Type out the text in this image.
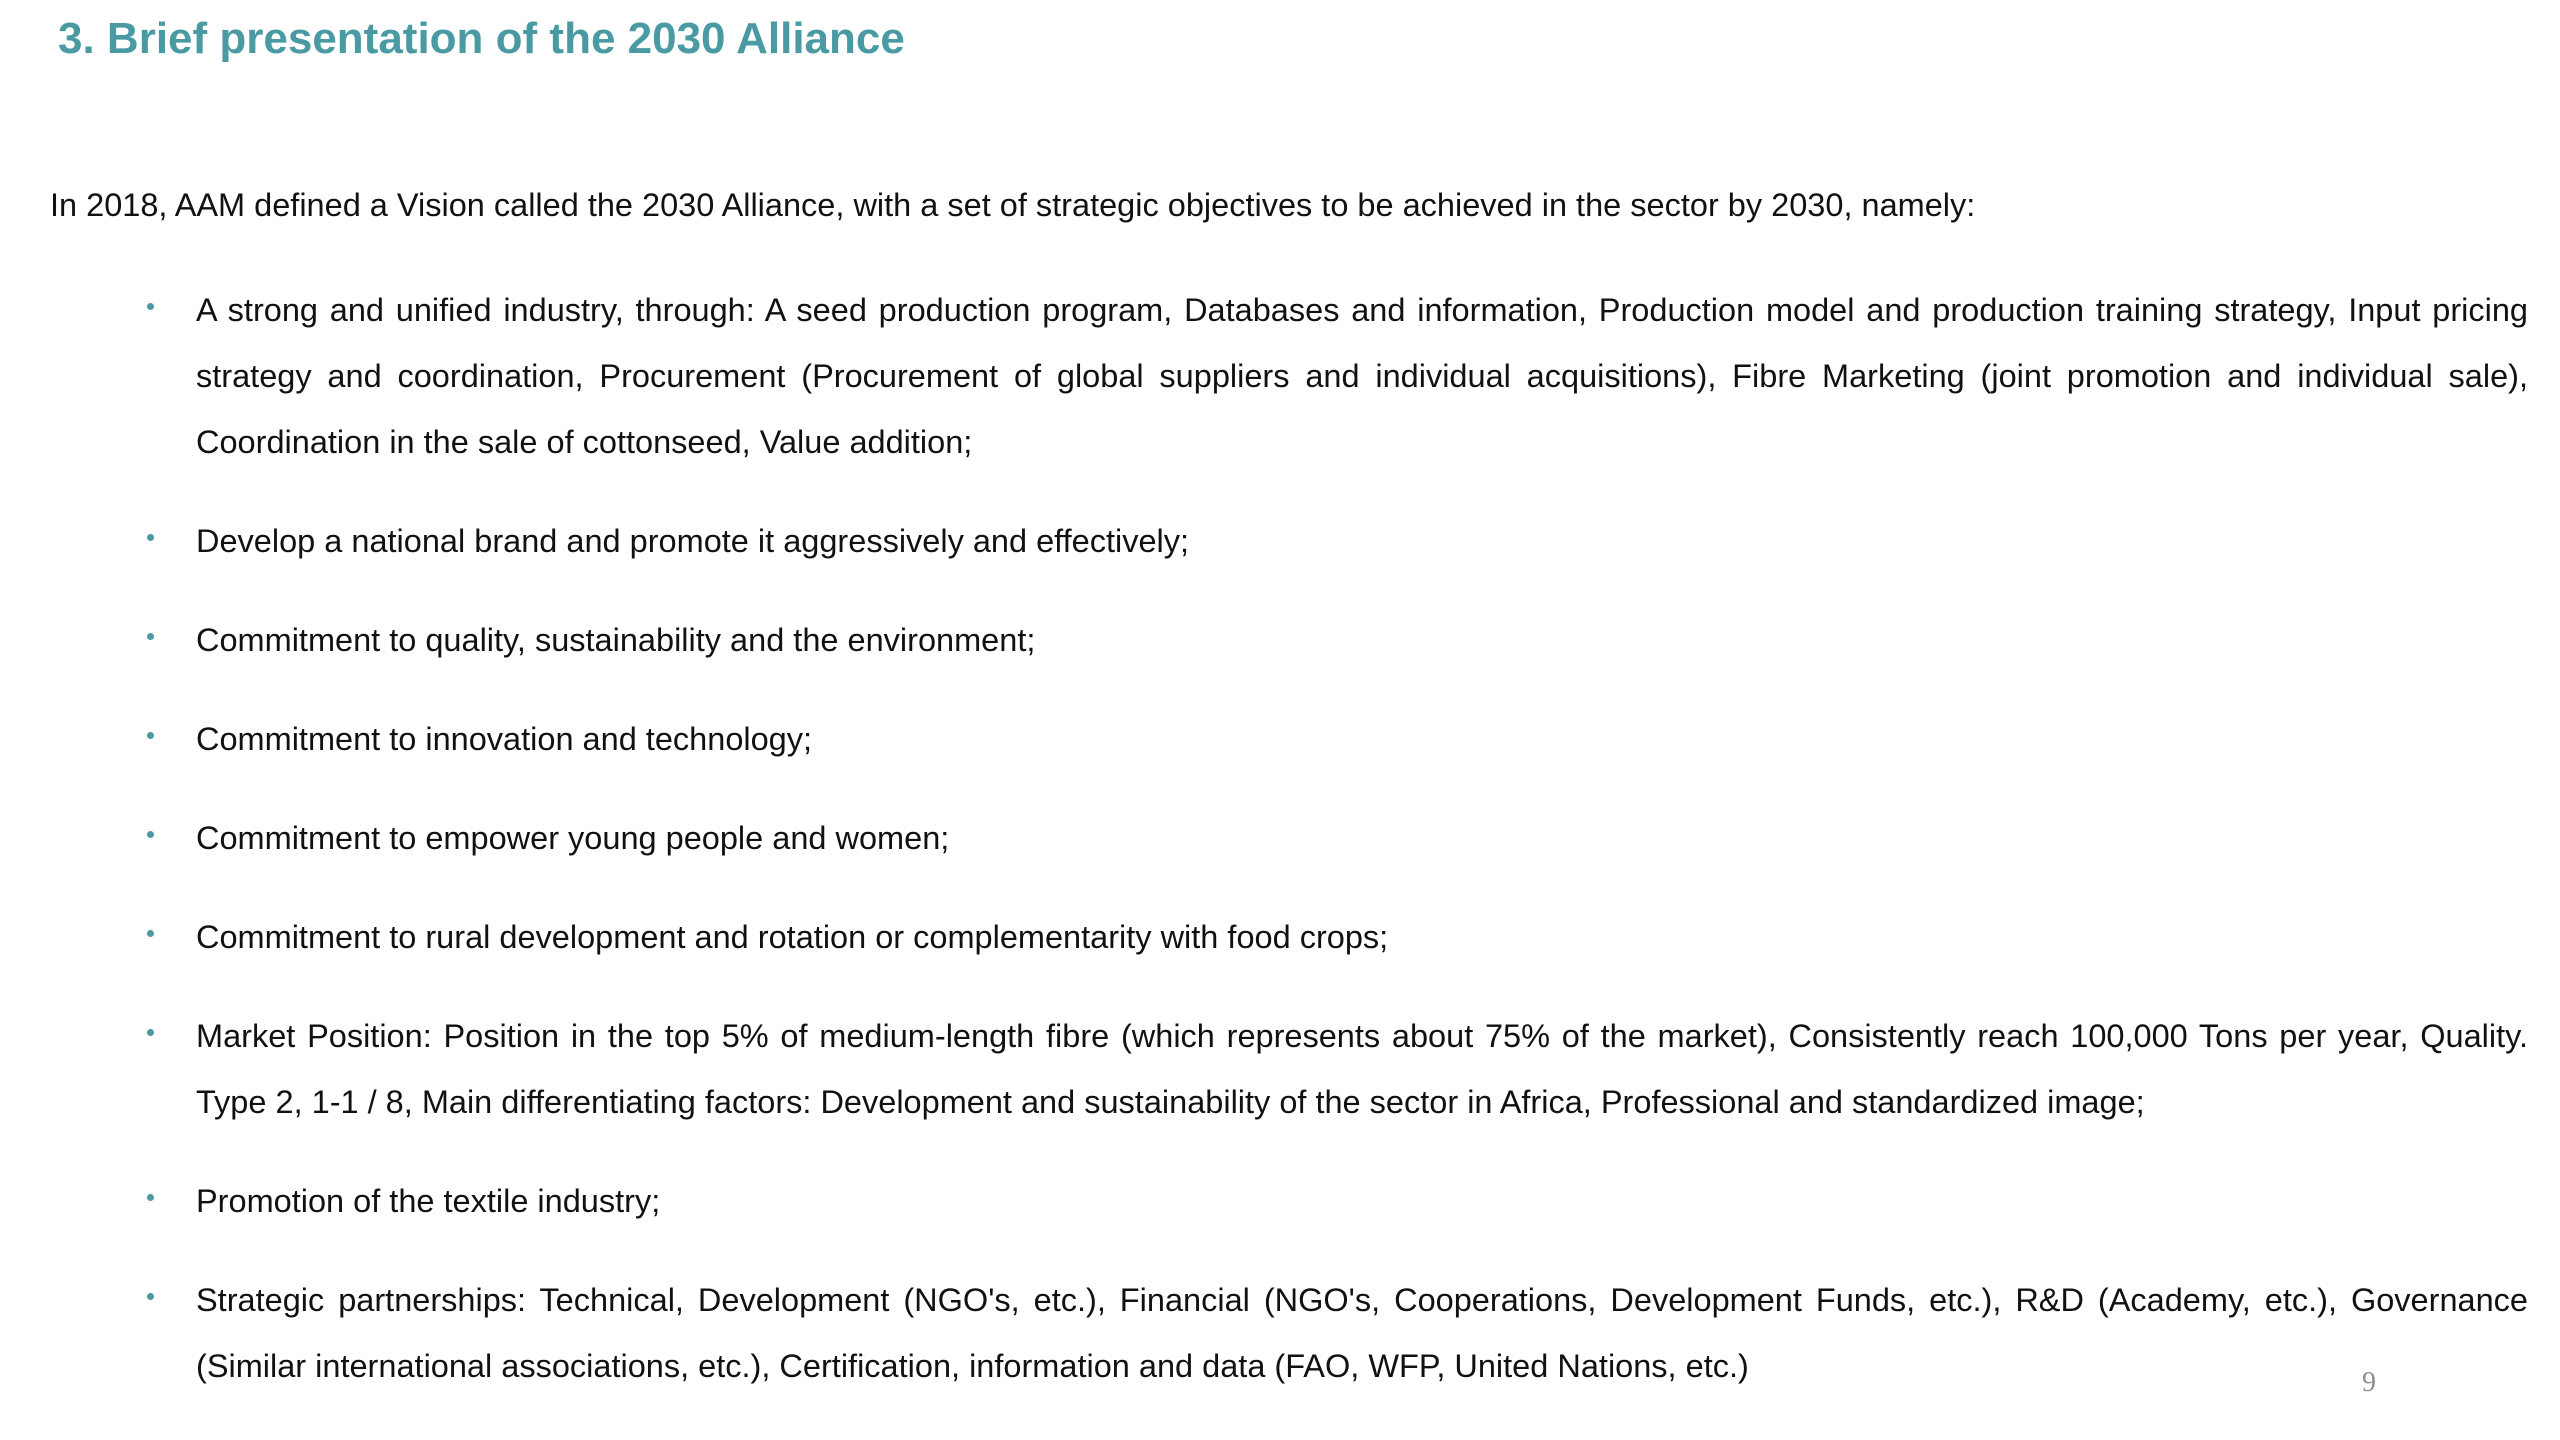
3. Brief presentation of the 2030 Alliance
In 2018, AAM defined a Vision called the 2030 Alliance, with a set of strategic objectives to be achieved in the sector by 2030, namely:
A strong and unified industry, through: A seed production program, Databases and information, Production model and production training strategy, Input pricing strategy and coordination, Procurement (Procurement of global suppliers and individual acquisitions), Fibre Marketing (joint promotion and individual sale), Coordination in the sale of cottonseed, Value addition;
Develop a national brand and promote it aggressively and effectively;
Commitment to quality, sustainability and the environment;
Commitment to innovation and technology;
Commitment to empower young people and women;
Commitment to rural development and rotation or complementarity with food crops;
Market Position: Position in the top 5% of medium-length fibre (which represents about 75% of the market), Consistently reach 100,000 Tons per year, Quality. Type 2, 1-1 / 8, Main differentiating factors: Development and sustainability of the sector in Africa, Professional and standardized image;
Promotion of the textile industry;
Strategic partnerships: Technical, Development (NGO's, etc.), Financial (NGO's, Cooperations, Development Funds, etc.), R&D (Academy, etc.), Governance (Similar international associations, etc.), Certification, information and data (FAO, WFP, United Nations, etc.)	9
